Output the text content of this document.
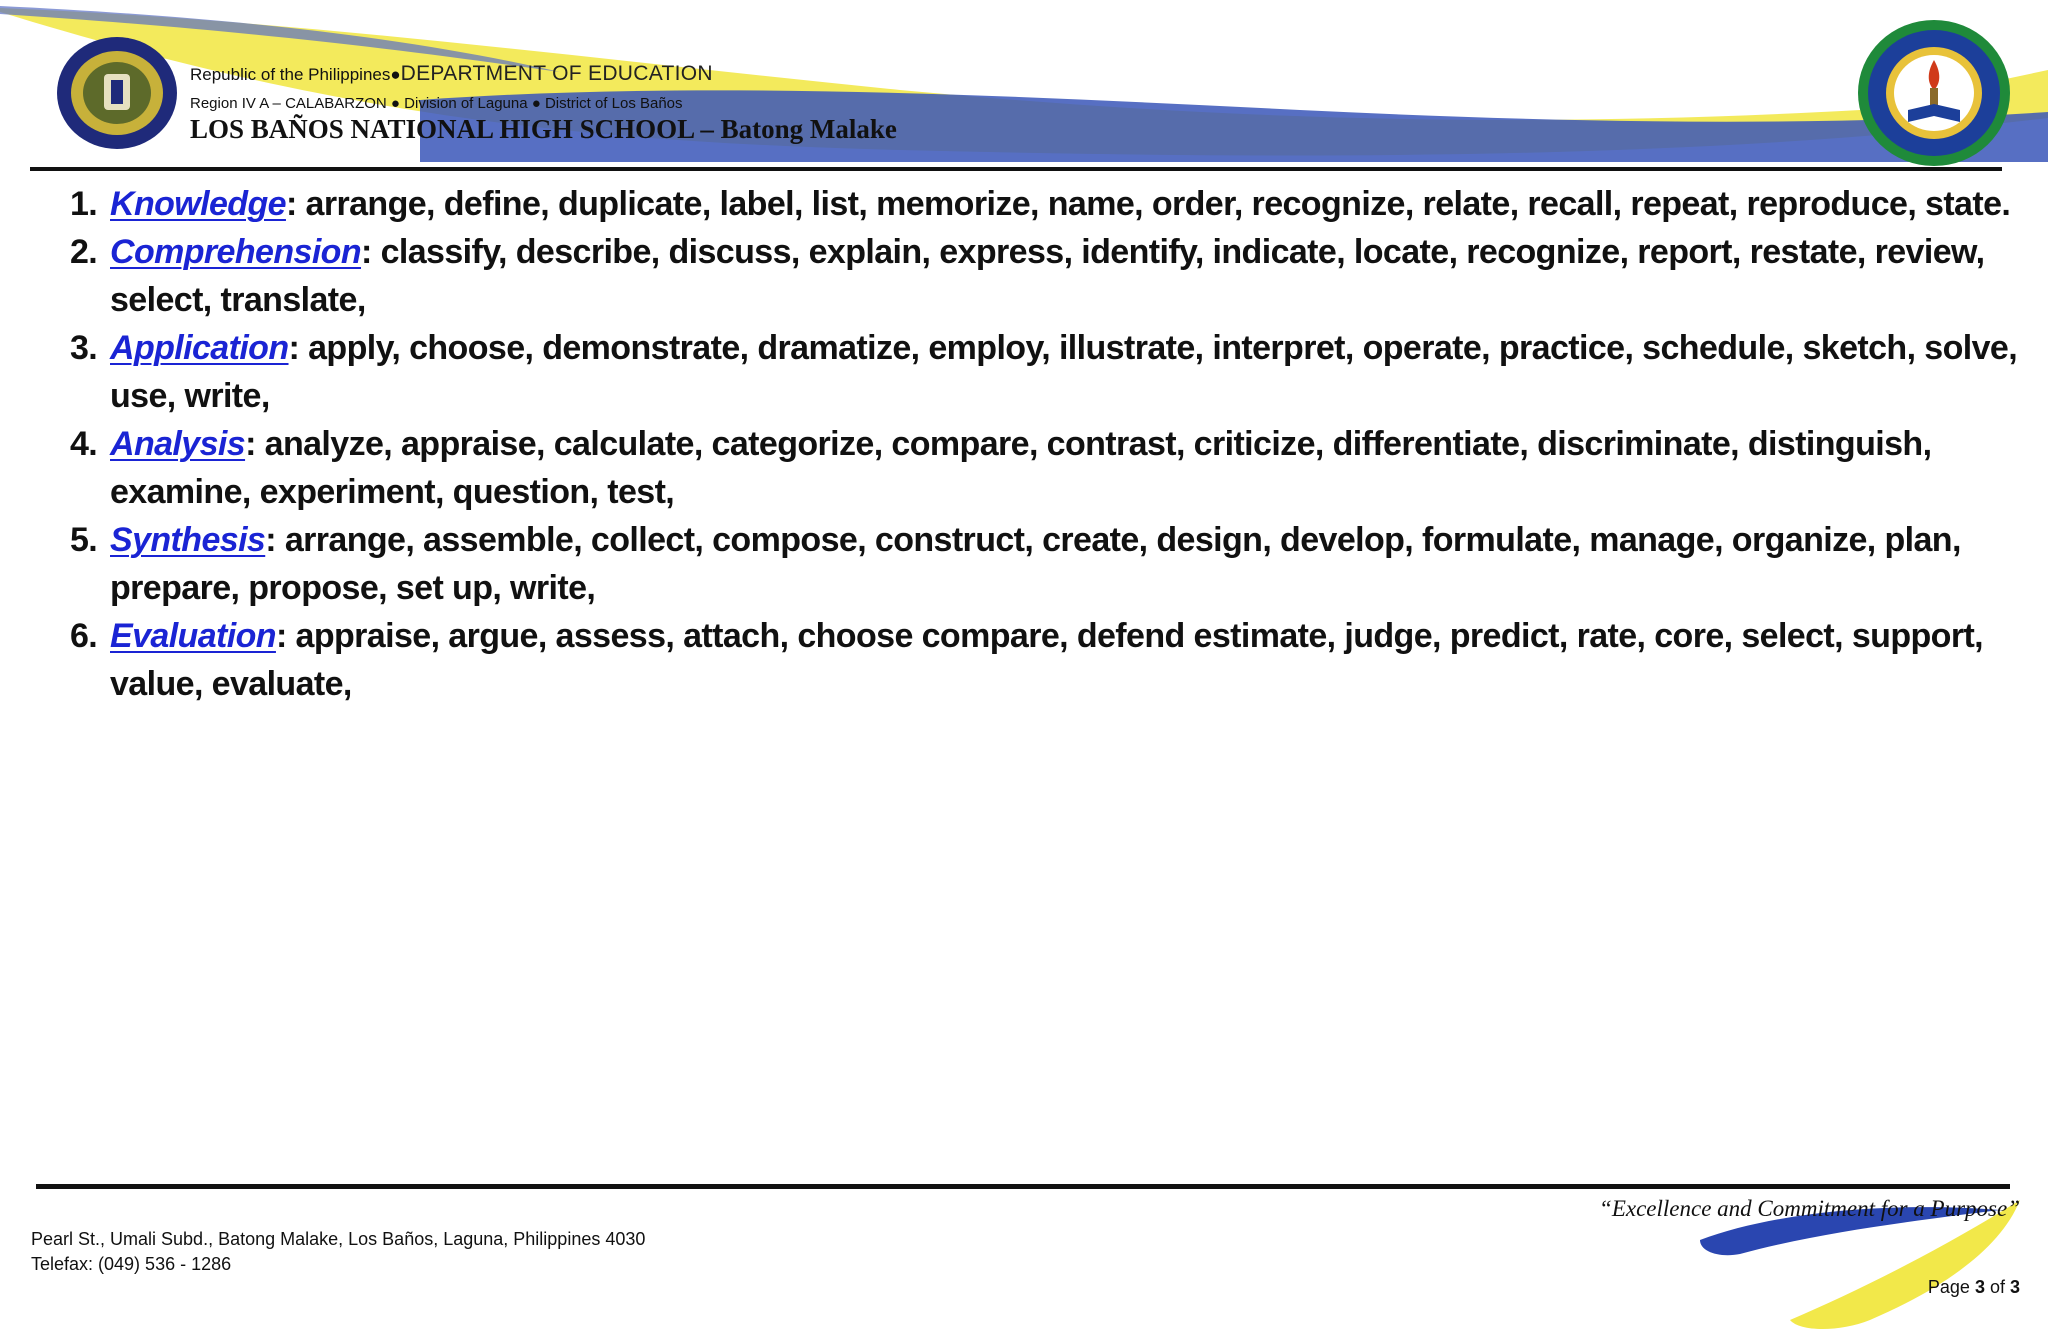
Republic of the Philippines●DEPARTMENT OF EDUCATION
Region IV A – CALABARZON ● Division of Laguna ● District of Los Baños
LOS BAÑOS NATIONAL HIGH SCHOOL – Batong Malake

1. Knowledge: arrange, define, duplicate, label, list, memorize, name, order, recognize, relate, recall, repeat, reproduce, state.

2. Comprehension: classify, describe, discuss, explain, express, identify, indicate, locate, recognize, report, restate, review, select, translate,

3. Application: apply, choose, demonstrate, dramatize, employ, illustrate, interpret, operate, practice, schedule, sketch, solve, use, write,

4. Analysis: analyze, appraise, calculate, categorize, compare, contrast, criticize, differentiate, discriminate, distinguish, examine, experiment, question, test,

5. Synthesis: arrange, assemble, collect, compose, construct, create, design, develop, formulate, manage, organize, plan, prepare, propose, set up, write,

6. Evaluation: appraise, argue, assess, attach, choose compare, defend estimate, judge, predict, rate, core, select, support, value, evaluate,

“Excellence and Commitment for a Purpose”
Pearl St., Umali Subd., Batong Malake, Los Baños, Laguna, Philippines 4030
Telefax: (049) 536 - 1286
Page 3 of 3
